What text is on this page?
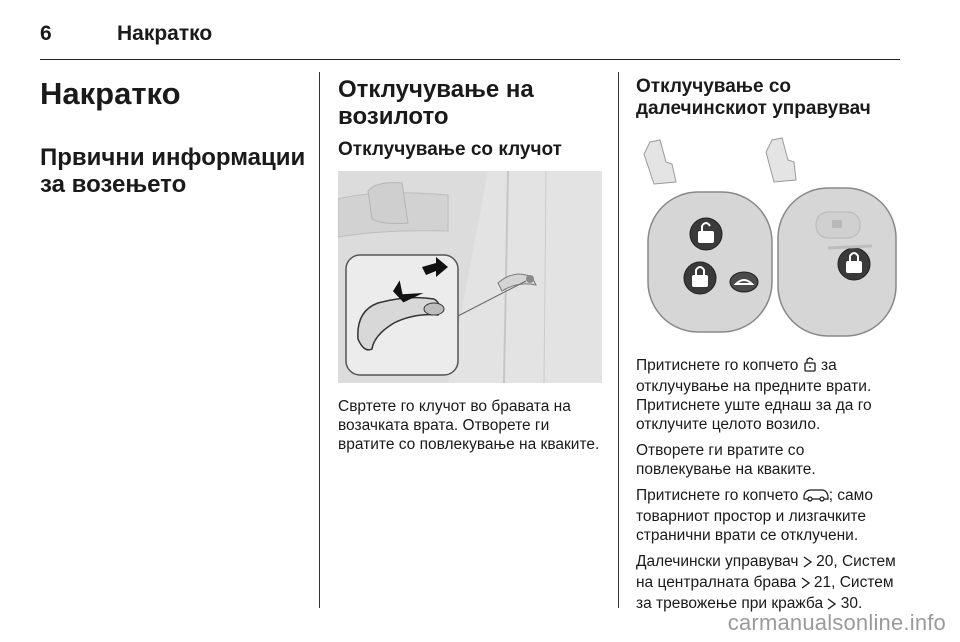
6	Накратко
Накратко
Првични информации за возењето
Отклучување на возилото
Отклучување со клучот

Свртете го клучот во бравата на возачката врата. Отворете ги вратите со повлекување на кваките.

Отклучување со далечинскиот управувач

Притиснете го копчето  за отклучување на предните врати. Притиснете уште еднаш за да го отклучите целото возило.

Отворете ги вратите со повлекување на кваките.

Притиснете го копчето ; само товарниот простор и лизгачките странични врати се отклучени.

Далечински управувач  20, Систем на централната брава  21, Систем за тревожење при кражба  30.

carmanualsonline.info
